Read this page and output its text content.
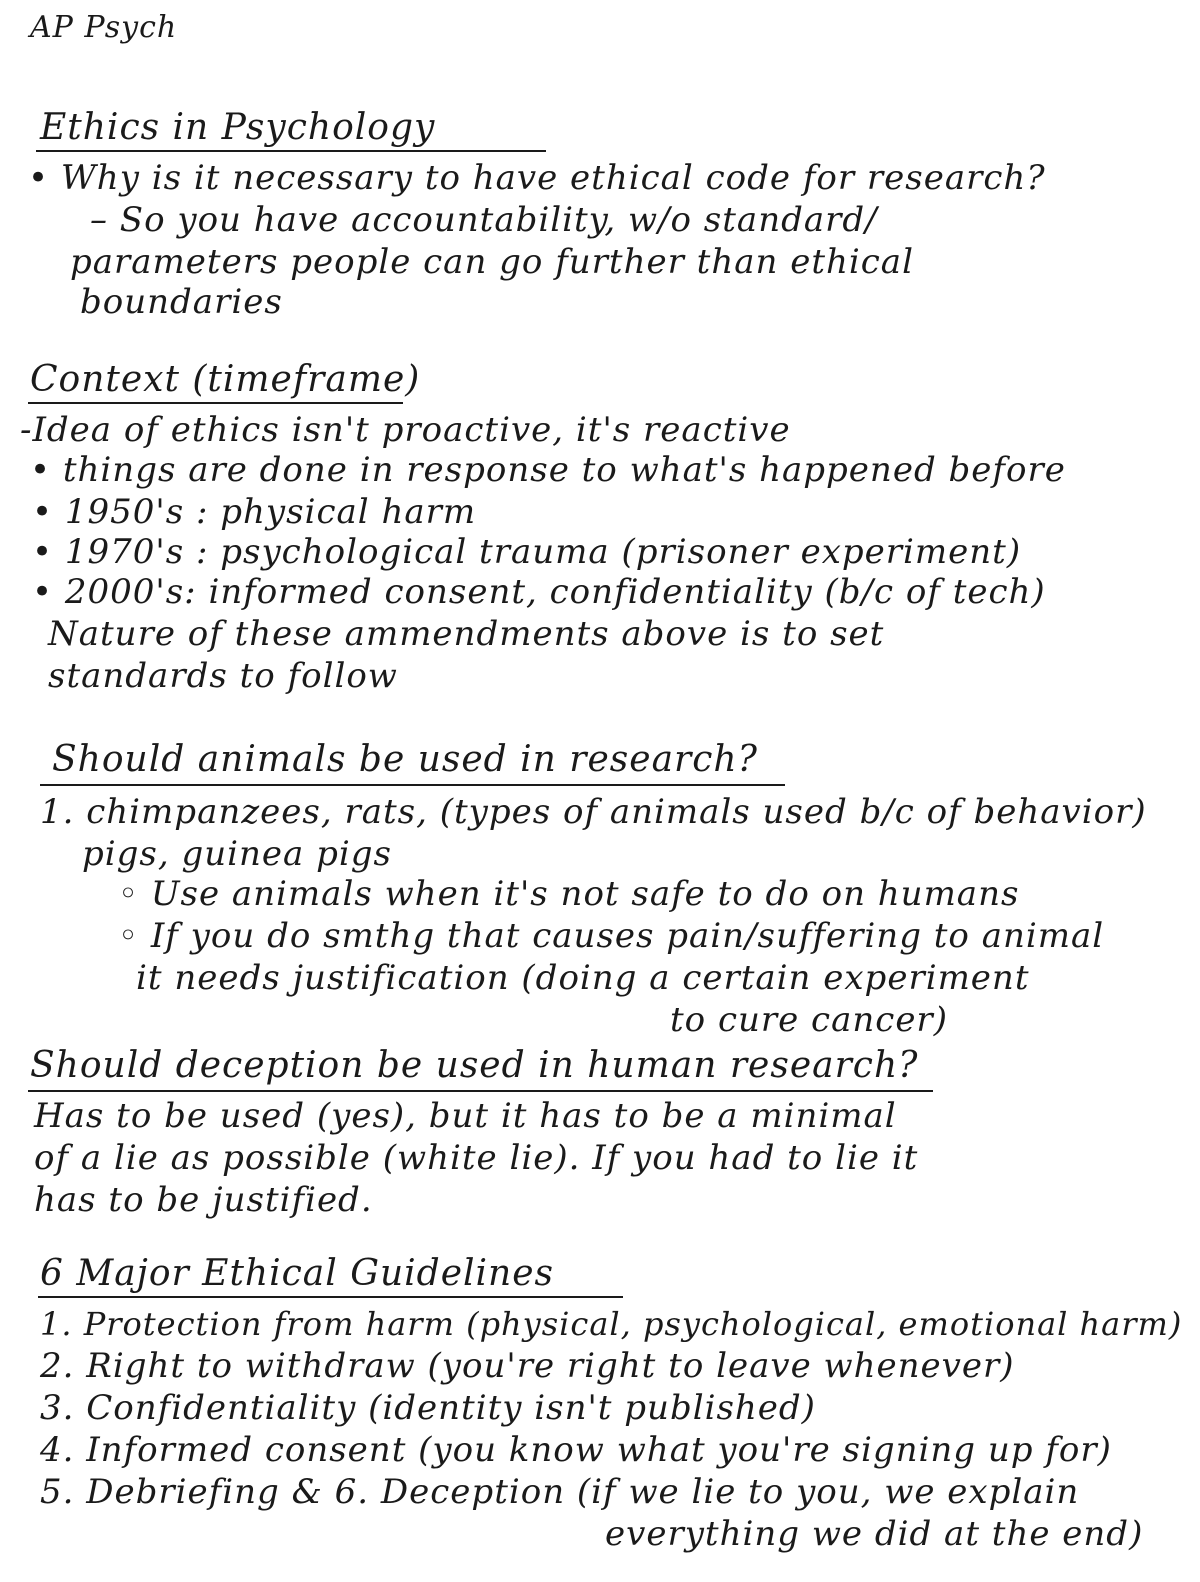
AP Psych
Ethics in Psychology
• Why is it necessary to have ethical code for research?
– So you have accountability, w/o standard/
parameters people can go further than ethical
boundaries
Context (timeframe)
-Idea of ethics isn't proactive, it's reactive
• things are done in response to what's happened before
• 1950's : physical harm
• 1970's : psychological trauma (prisoner experiment)
• 2000's: informed consent, confidentiality (b/c of tech)
Nature of these ammendments above is to set
standards to follow
Should animals be used in research?
1. chimpanzees, rats, (types of animals used b/c of behavior)
pigs, guinea pigs
◦ Use animals when it's not safe to do on humans
◦ If you do smthg that causes pain/suffering to animal
it needs justification (doing a certain experiment
to cure cancer)
Should deception be used in human research?
Has to be used (yes), but it has to be a minimal
of a lie as possible (white lie). If you had to lie it
has to be justified.
6 Major Ethical Guidelines
1. Protection from harm (physical, psychological, emotional harm)
2. Right to withdraw (you're right to leave whenever)
3. Confidentiality (identity isn't published)
4. Informed consent (you know what you're signing up for)
5. Debriefing & 6. Deception (if we lie to you, we explain
everything we did at the end)
